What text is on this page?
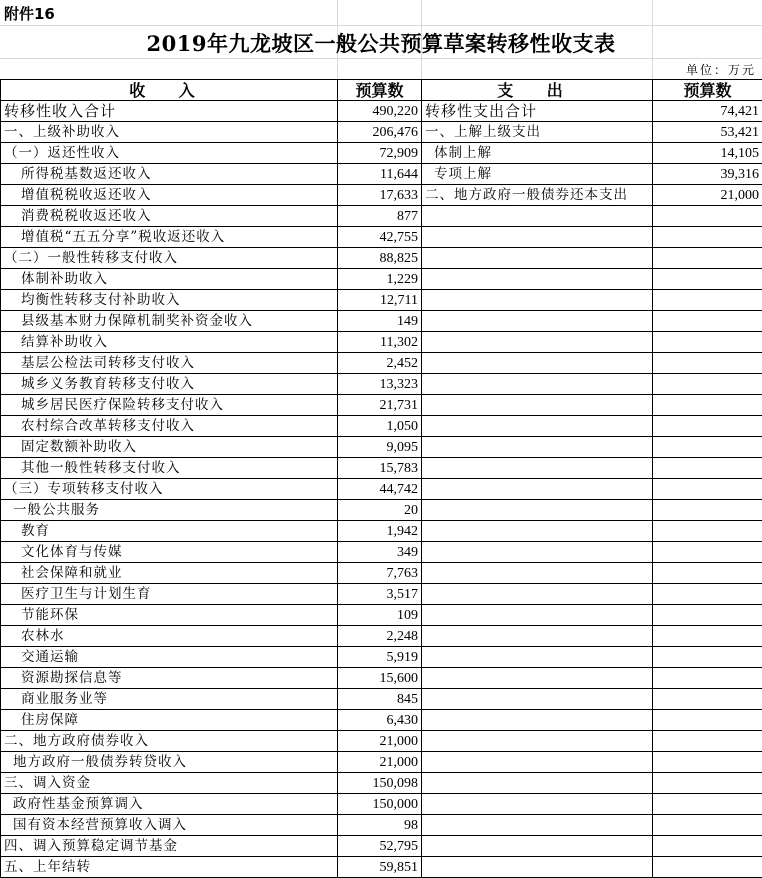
附件16
2019年九龙坡区一般公共预算草案转移性收支表
单位：万元
收 入	预算数	支 出	预算数
转移性收入合计	490,220	转移性支出合计	74,421
一、上级补助收入	206,476	一、上解上级支出	53,421
（一）返还性收入	72,909	体制上解	14,105
所得税基数返还收入	11,644	专项上解	39,316
增值税税收返还收入	17,633	二、地方政府一般债券还本支出	21,000
消费税税收返还收入	877		
增值税“五五分享”税收返还收入	42,755		
（二）一般性转移支付收入	88,825		
体制补助收入	1,229		
均衡性转移支付补助收入	12,711		
县级基本财力保障机制奖补资金收入	149		
结算补助收入	11,302		
基层公检法司转移支付收入	2,452		
城乡义务教育转移支付收入	13,323		
城乡居民医疗保险转移支付收入	21,731		
农村综合改革转移支付收入	1,050		
固定数额补助收入	9,095		
其他一般性转移支付收入	15,783		
（三）专项转移支付收入	44,742		
一般公共服务	20		
教育	1,942		
文化体育与传媒	349		
社会保障和就业	7,763		
医疗卫生与计划生育	3,517		
节能环保	109		
农林水	2,248		
交通运输	5,919		
资源勘探信息等	15,600		
商业服务业等	845		
住房保障	6,430		
二、地方政府债券收入	21,000		
地方政府一般债券转贷收入	21,000		
三、调入资金	150,098		
政府性基金预算调入	150,000		
国有资本经营预算收入调入	98		
四、调入预算稳定调节基金	52,795		
五、上年结转	59,851		
